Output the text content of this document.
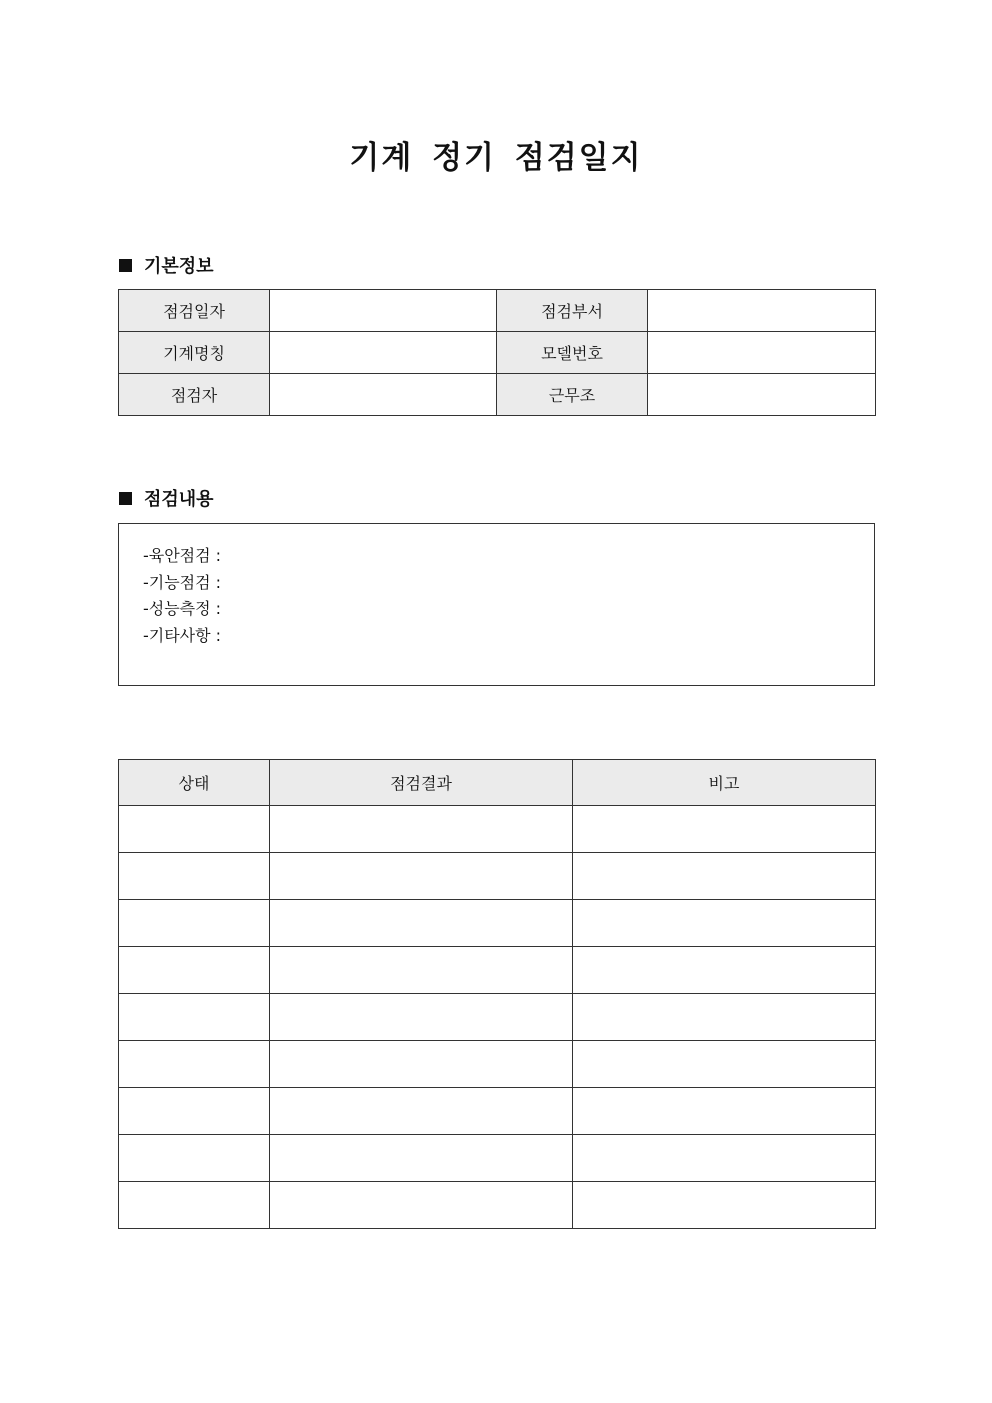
기계 정기 점검일지
기본정보
점검일자		점검부서	
기계명칭		모델번호	
점검자		근무조	
점검내용
-육안점검 :
-기능점검 :
-성능측정 :
-기타사항 :
상태	점검결과	비고
